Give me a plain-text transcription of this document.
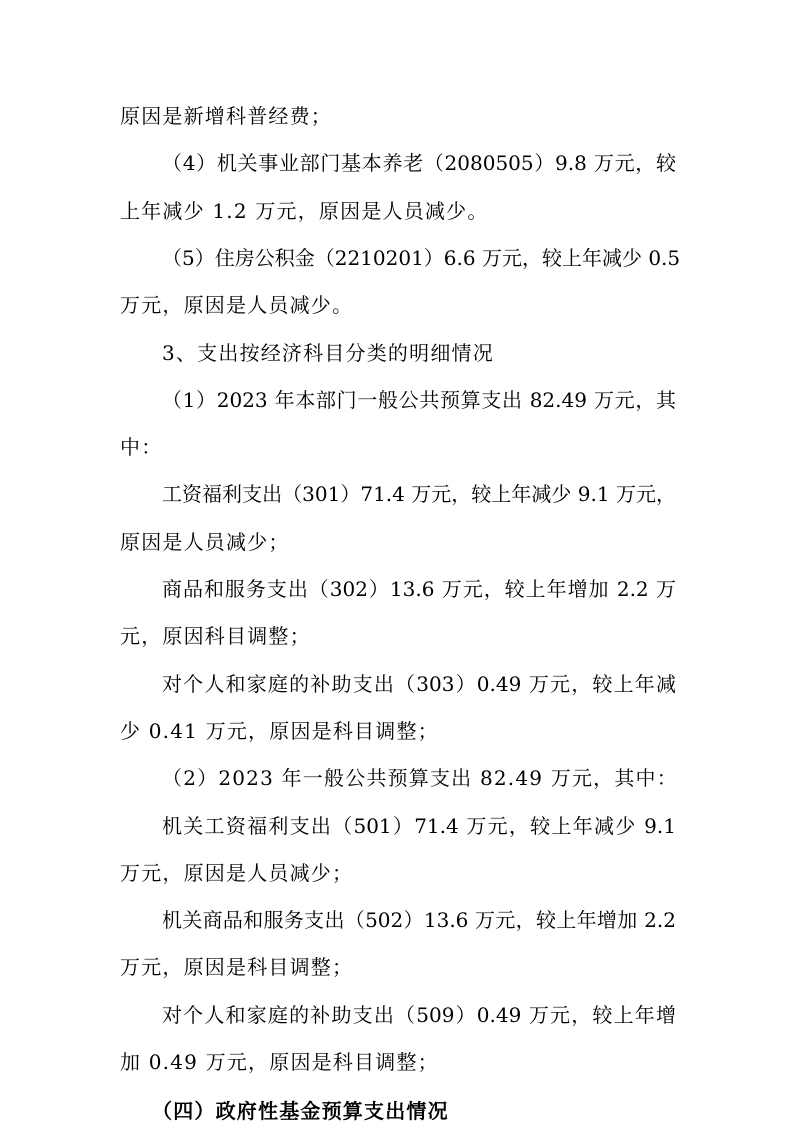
原因是新增科普经费；
（4）机关事业部门基本养老（2080505）9.8 万元，较
上年减少 1.2 万元，原因是人员减少。
（5）住房公积金（2210201）6.6 万元，较上年减少 0.5
万元，原因是人员减少。
3、支出按经济科目分类的明细情况
（1）2023 年本部门一般公共预算支出 82.49 万元，其
中：
工资福利支出（301）71.4 万元，较上年减少 9.1 万元，
原因是人员减少；
商品和服务支出（302）13.6 万元，较上年增加 2.2 万
元，原因科目调整；
对个人和家庭的补助支出（303）0.49 万元，较上年减
少 0.41 万元，原因是科目调整；
（2）2023 年一般公共预算支出 82.49 万元，其中：
机关工资福利支出（501）71.4 万元，较上年减少 9.1
万元，原因是人员减少；
机关商品和服务支出（502）13.6 万元，较上年增加 2.2
万元，原因是科目调整；
对个人和家庭的补助支出（509）0.49 万元，较上年增
加 0.49 万元，原因是科目调整；
（四）政府性基金预算支出情况
